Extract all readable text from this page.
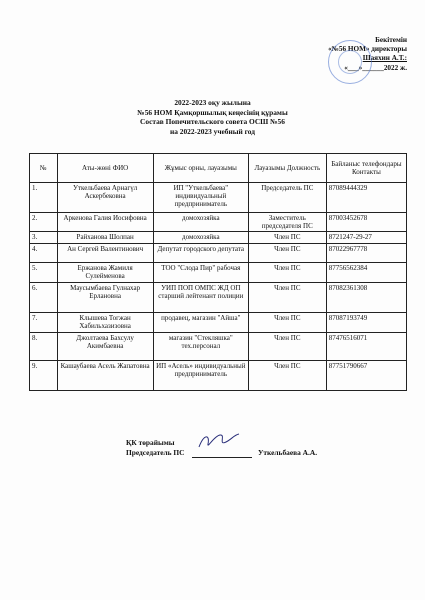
Бекітемін
«№56 НОМ» директоры
Шаяхин А.Т.:
«___»______2022 ж.
2022-2023 оқу жылына
№56 НОМ Қамқоршылық кеңесінің құрамы
Состав Попечительского совета ОСШ №56
на 2022-2023 учебный год
№	Аты-жөні ФИО	Жұмыс орны, лауазымы	Лауазымы Должность	Байланыс телефондары Контакты
1.	Уткельбаева Арнагүл Аскербековна	ИП "Уткельбаева" индивидуальный предприниматель	Председатель ПС	87089444329
2.	Аркенова Галия Иосифовна	домохозяйка	Заместитель председателя ПС	87003452678
3.	Райханова Шолпан	домохозяйка	Член ПС	8721247-29-27
4.	Ан Сергей Валентинович	Депутат городского депутата	Член ПС	87022967778
5.	Ержанова Жамиля Сулейменова	ТОО "Слода Пир" рабочая	Член ПС	87756562384
6.	Маусымбаева Гулнахар Ерлановна	УИП ПОП ОМПС ЖД ОП старший лейтенант полиции	Член ПС	87082361308
7.	Клышева Тогжан Хабильхазизовна	продавец, магазин "Айша"	Член ПС	87087193749
8.	Джолтаева Бахсулу Акимбаевна	магазин "Стекляшка" тех.персонал	Член ПС	87476516071
9.	Кашаубаева Асель Жапатовна	ИП «Асель» индивидуальный предприниматель	Член ПС	87751790667
ҚК төрайымы
Председатель ПС	Уткельбаева А.А.
